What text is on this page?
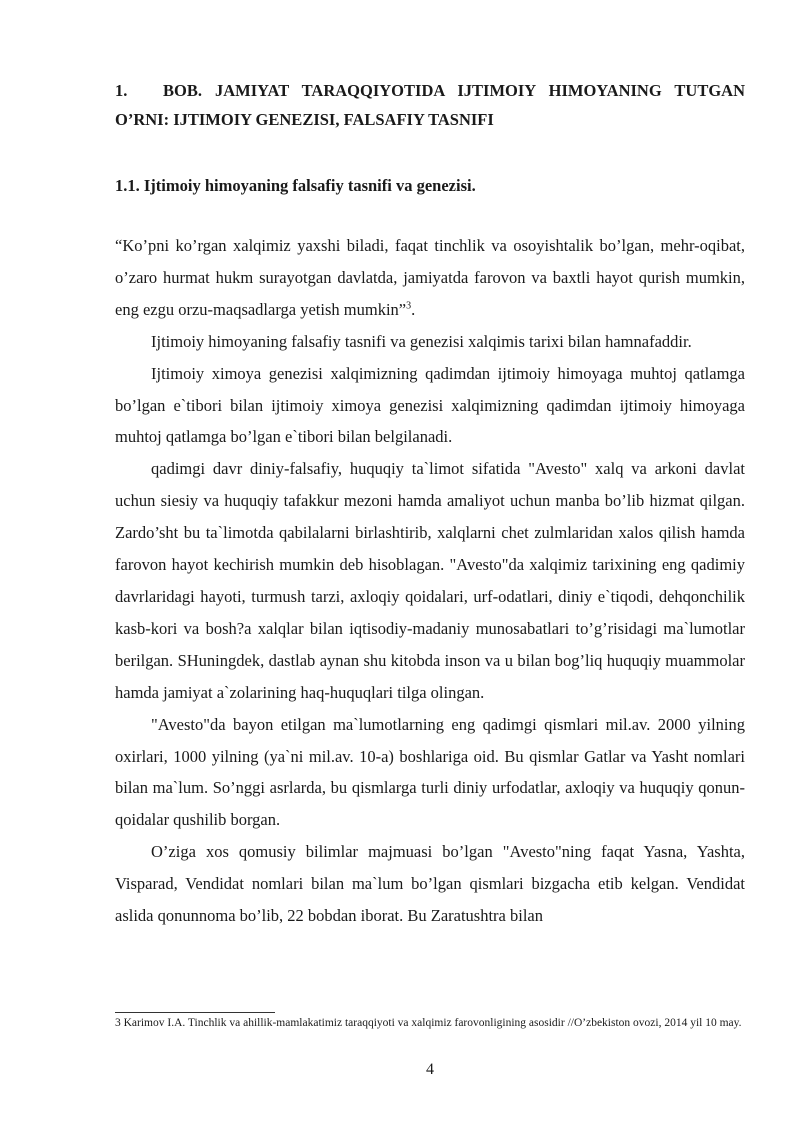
1. BOB. JAMIYAT TARAQQIYOTIDA IJTIMOIY HIMOYANING TUTGAN O’RNI: IJTIMOIY GENEZISI, FALSAFIY TASNIFI
1.1. Ijtimoiy himoyaning falsafiy tasnifi va genezisi.

“Ko’pni ko’rgan xalqimiz yaxshi biladi, faqat tinchlik va osoyishtalik bo’lgan, mehr-oqibat, o’zaro hurmat hukm surayotgan davlatda, jamiyatda farovon va baxtli hayot qurish mumkin, eng ezgu orzu-maqsadlarga yetish mumkin”$^3$.

Ijtimoiy himoyaning falsafiy tasnifi va genezisi xalqimis tarixi bilan hamnafaddir.

Ijtimoiy ximoya genezisi xalqimizning qadimdan ijtimoiy himoyaga muhtoj qatlamga bo’lgan e`tibori bilan ijtimoiy ximoya genezisi xalqimizning qadimdan ijtimoiy himoyaga muhtoj qatlamga bo’lgan e`tibori bilan belgilanadi.

qadimgi davr diniy-falsafiy, huquqiy ta`limot sifatida "Avesto" xalq va arkoni davlat uchun siesiy va huquqiy tafakkur mezoni hamda amaliyot uchun manba bo’lib hizmat qilgan. Zardo’sht bu ta`limotda qabilalarni birlashtirib, xalqlarni chet zulmlaridan xalos qilish hamda farovon hayot kechirish mumkin deb hisoblagan. "Avesto"da xalqimiz tarixining eng qadimiy davrlaridagi hayoti, turmush tarzi, axloqiy qoidalari, urf-odatlari, diniy e`tiqodi, dehqonchilik kasb-kori va bosh?a xalqlar bilan iqtisodiy-madaniy munosabatlari to’g’risidagi ma`lumotlar berilgan. SHuningdek, dastlab aynan shu kitobda inson va u bilan bog’liq huquqiy muammolar hamda jamiyat a`zolarining haq-huquqlari tilga olingan.

"Avesto"da bayon etilgan ma`lumotlarning eng qadimgi qismlari mil.av. 2000 yilning oxirlari, 1000 yilning (ya`ni mil.av. 10-a) boshlariga oid. Bu qismlar Gatlar va Yasht nomlari bilan ma`lum. So’nggi asrlarda, bu qismlarga turli diniy urfodatlar, axloqiy va huquqiy qonun-qoidalar qushilib borgan.

O’ziga xos qomusiy bilimlar majmuasi bo’lgan "Avesto"ning faqat Yasna, Yashta, Visparad, Vendidat nomlari bilan ma`lum bo’lgan qismlari bizgacha etib kelgan. Vendidat aslida qonunnoma bo’lib, 22 bobdan iborat. Bu Zaratushtra bilan

3 Karimov I.A. Tinchlik va ahillik-mamlakatimiz taraqqiyoti va xalqimiz farovonligining asosidir //O’zbekiston ovozi, 2014 yil 10 may.

4
